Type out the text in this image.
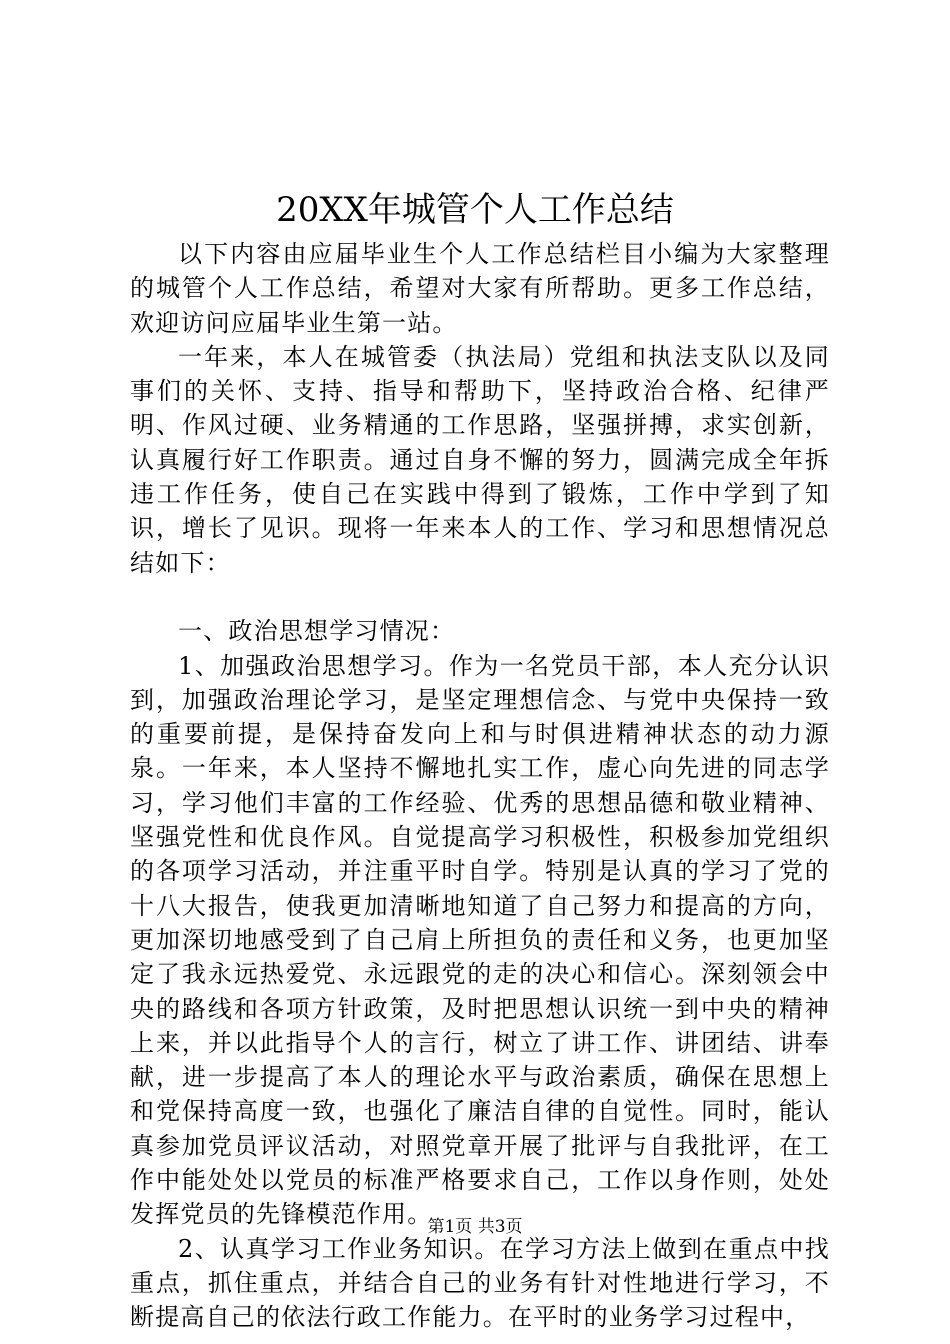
20XX年城管个人工作总结

以下内容由应届毕业生个人工作总结栏目小编为大家整理的城管个人工作总结，希望对大家有所帮助。更多工作总结，欢迎访问应届毕业生第一站。

一年来，本人在城管委（执法局）党组和执法支队以及同事们的关怀、支持、指导和帮助下，坚持政治合格、纪律严明、作风过硬、业务精通的工作思路，坚强拼搏，求实创新，认真履行好工作职责。通过自身不懈的努力，圆满完成全年拆违工作任务，使自己在实践中得到了锻炼，工作中学到了知识，增长了见识。现将一年来本人的工作、学习和思想情况总结如下：

一、政治思想学习情况：

1、加强政治思想学习。作为一名党员干部，本人充分认识到，加强政治理论学习，是坚定理想信念、与党中央保持一致的重要前提，是保持奋发向上和与时俱进精神状态的动力源泉。一年来，本人坚持不懈地扎实工作，虚心向先进的同志学习，学习他们丰富的工作经验、优秀的思想品德和敬业精神、坚强党性和优良作风。自觉提高学习积极性，积极参加党组织的各项学习活动，并注重平时自学。特别是认真的学习了党的十八大报告，使我更加清晰地知道了自己努力和提高的方向，更加深切地感受到了自己肩上所担负的责任和义务，也更加坚定了我永远热爱党、永远跟党的走的决心和信心。深刻领会中央的路线和各项方针政策，及时把思想认识统一到中央的精神上来，并以此指导个人的言行，树立了讲工作、讲团结、讲奉献，进一步提高了本人的理论水平与政治素质，确保在思想上和党保持高度一致，也强化了廉洁自律的自觉性。同时，能认真参加党员评议活动，对照党章开展了批评与自我批评，在工作中能处处以党员的标准严格要求自己，工作以身作则，处处发挥党员的先锋模范作用。

2、认真学习工作业务知识。在学习方法上做到在重点中找重点，抓住重点，并结合自己的业务有针对性地进行学习，不断提高自己的依法行政工作能力。在平时的业务学习过程中，

第1页 共3页
